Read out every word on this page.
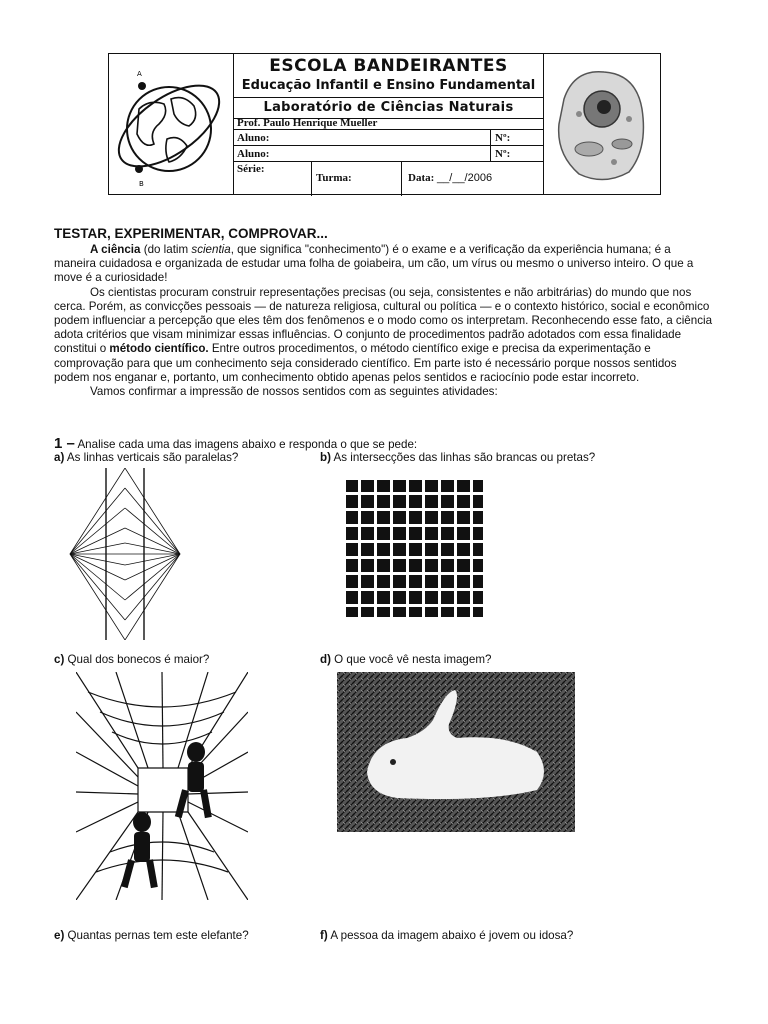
A
B
ESCOLA BANDEIRANTES
Educação Infantil e Ensino Fundamental
Laboratório de Ciências Naturais
Prof. Paulo Henrique Mueller
Aluno:	Nº:
Aluno:	Nº:
Série:
Turma:	Data: __/__/2006
TESTAR, EXPERIMENTAR, COMPROVAR...

A ciência (do latim scientia, que significa "conhecimento") é o exame e a verificação da experiência humana; é a maneira cuidadosa e organizada de estudar uma folha de goiabeira, um cão, um vírus ou mesmo o universo inteiro. O que a move é a curiosidade!

Os cientistas procuram construir representações precisas (ou seja, consistentes e não arbitrárias) do mundo que nos cerca. Porém, as convicções pessoais — de natureza religiosa, cultural ou política — e o contexto histórico, social e econômico podem influenciar a percepção que eles têm dos fenômenos e o modo como os interpretam. Reconhecendo esse fato, a ciência adota critérios que visam minimizar essas influências. O conjunto de procedimentos padrão adotados com essa finalidade constitui o método científico. Entre outros procedimentos, o método científico exige e precisa da experimentação e comprovação para que um conhecimento seja considerado científico. Em parte isto é necessário porque nossos sentidos podem nos enganar e, portanto, um conhecimento obtido apenas pelos sentidos e raciocínio pode estar incorreto.

Vamos confirmar a impressão de nossos sentidos com as seguintes atividades:

1 – Analise cada uma das imagens abaixo e responda o que se pede:
a) As linhas verticais são paralelas?	b) As intersecções das linhas são brancas ou pretas?
c) Qual dos bonecos é maior?	d) O que você vê nesta imagem?
e) Quantas pernas tem este elefante?	f) A pessoa da imagem abaixo é jovem ou idosa?
